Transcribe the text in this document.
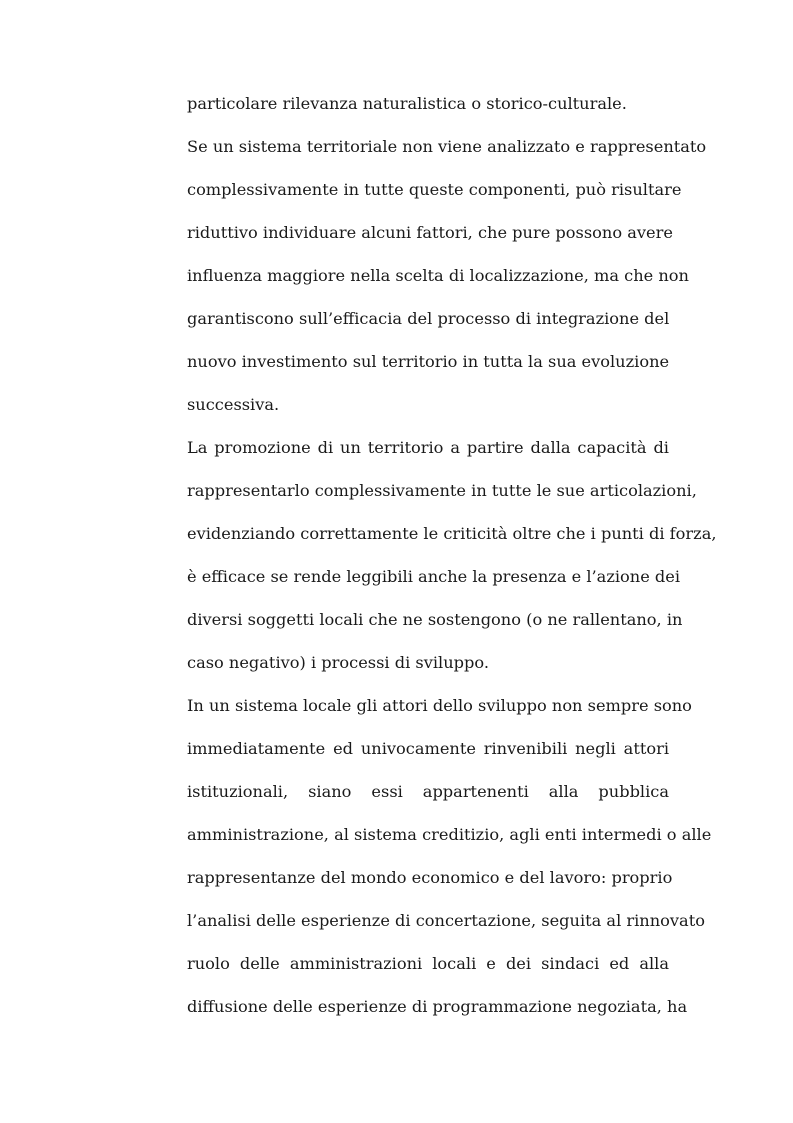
particolare rilevanza naturalistica o storico-culturale.
Se un sistema territoriale non viene analizzato e rappresentato
complessivamente in tutte queste componenti, può risultare
riduttivo individuare alcuni fattori, che pure possono avere
influenza maggiore nella scelta di localizzazione, ma che non
garantiscono sull’efficacia del processo di integrazione del
nuovo investimento sul territorio in tutta la sua evoluzione
successiva.
La promozione di un territorio a partire dalla capacità di
rappresentarlo complessivamente in tutte le sue articolazioni,
evidenziando correttamente le criticità oltre che i punti di forza,
è efficace se rende leggibili anche la presenza e l’azione dei
diversi soggetti locali che ne sostengono (o ne rallentano, in
caso negativo) i processi di sviluppo.
In un sistema locale gli attori dello sviluppo non sempre sono
immediatamente ed univocamente rinvenibili negli attori
istituzionali, siano essi appartenenti alla pubblica
amministrazione, al sistema creditizio, agli enti intermedi o alle
rappresentanze del mondo economico e del lavoro: proprio
l’analisi delle esperienze di concertazione, seguita al rinnovato
ruolo delle amministrazioni locali e dei sindaci ed alla
diffusione delle esperienze di programmazione negoziata, ha
